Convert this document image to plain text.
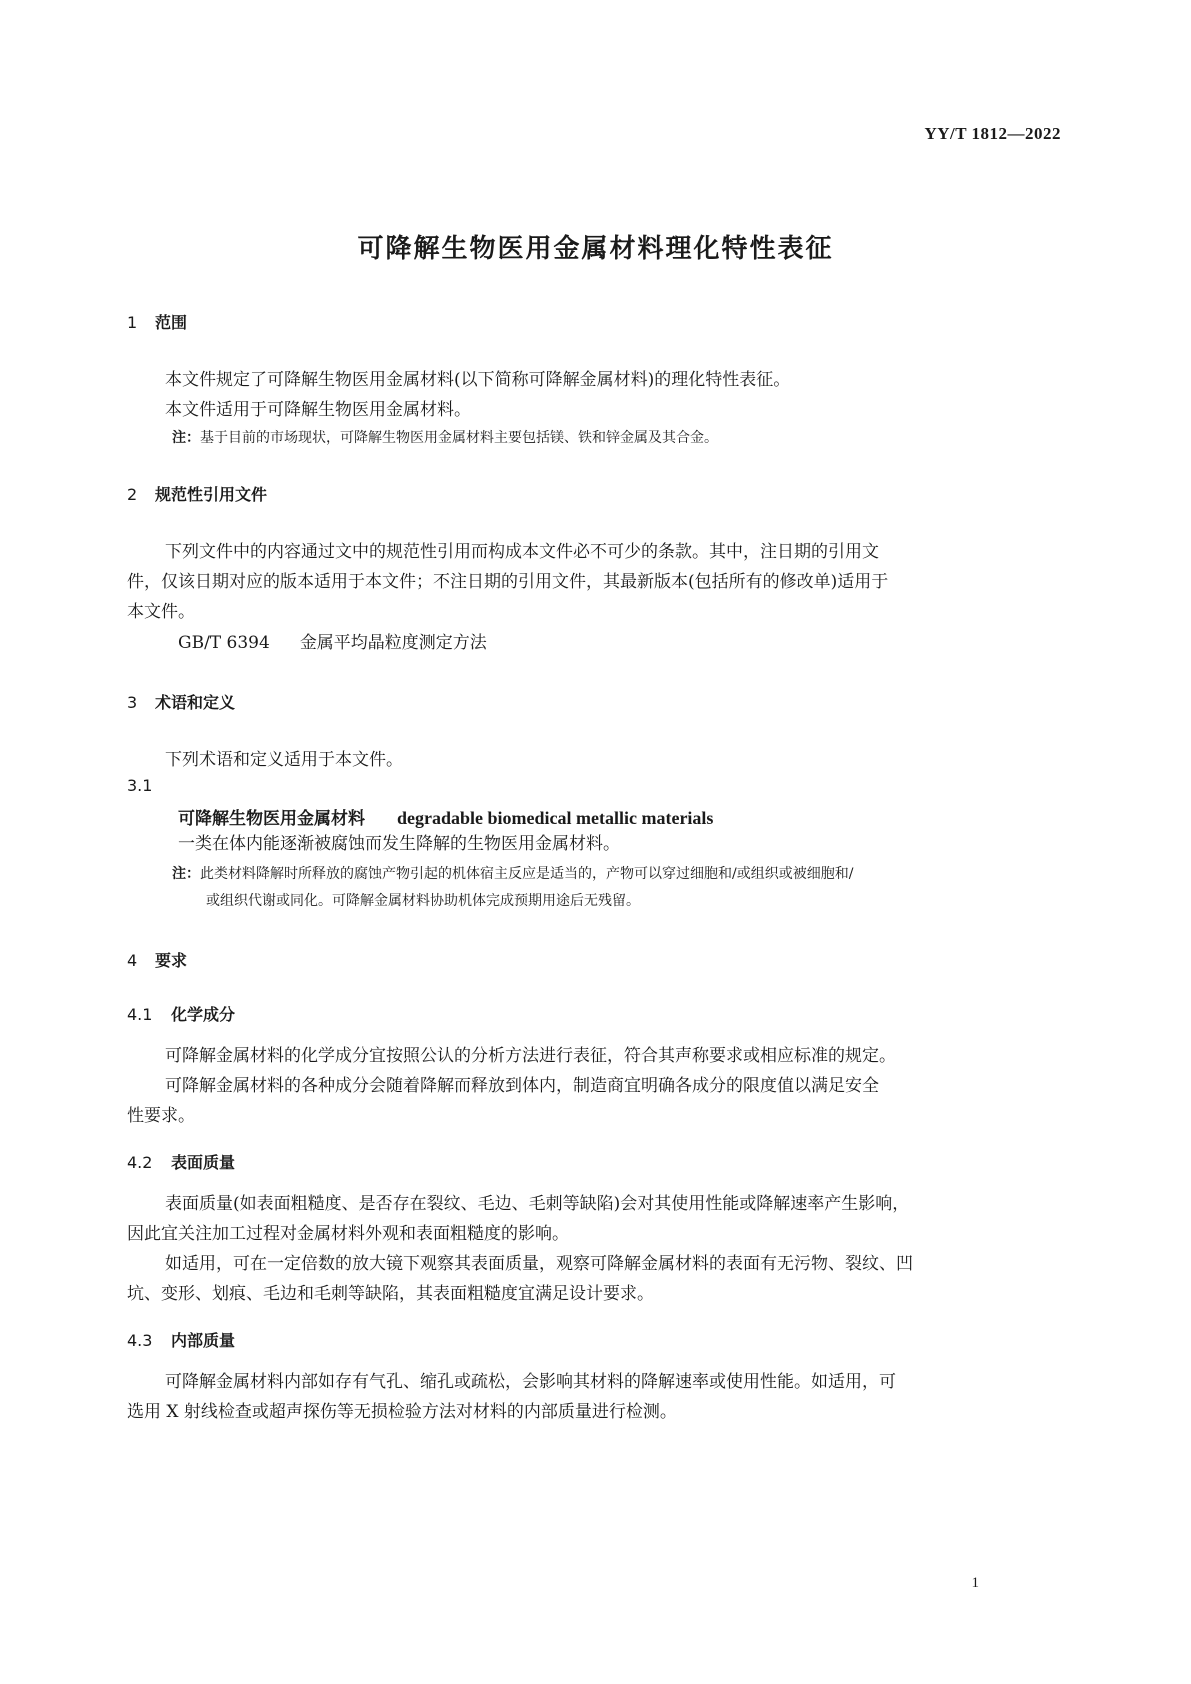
YY/T 1812—2022
可降解生物医用金属材料理化特性表征
1 范围
本文件规定了可降解生物医用金属材料(以下简称可降解金属材料)的理化特性表征。
本文件适用于可降解生物医用金属材料。
注：基于目前的市场现状，可降解生物医用金属材料主要包括镁、铁和锌金属及其合金。
2 规范性引用文件
下列文件中的内容通过文中的规范性引用而构成本文件必不可少的条款。其中，注日期的引用文
件，仅该日期对应的版本适用于本文件；不注日期的引用文件，其最新版本(包括所有的修改单)适用于
本文件。
GB/T 6394 金属平均晶粒度测定方法
3 术语和定义
下列术语和定义适用于本文件。
3.1
可降解生物医用金属材料 degradable biomedical metallic materials
一类在体内能逐渐被腐蚀而发生降解的生物医用金属材料。
注：此类材料降解时所释放的腐蚀产物引起的机体宿主反应是适当的，产物可以穿过细胞和/或组织或被细胞和/
或组织代谢或同化。可降解金属材料协助机体完成预期用途后无残留。
4 要求
4.1 化学成分
可降解金属材料的化学成分宜按照公认的分析方法进行表征，符合其声称要求或相应标准的规定。
可降解金属材料的各种成分会随着降解而释放到体内，制造商宜明确各成分的限度值以满足安全
性要求。
4.2 表面质量
表面质量(如表面粗糙度、是否存在裂纹、毛边、毛刺等缺陷)会对其使用性能或降解速率产生影响，
因此宜关注加工过程对金属材料外观和表面粗糙度的影响。
如适用，可在一定倍数的放大镜下观察其表面质量，观察可降解金属材料的表面有无污物、裂纹、凹
坑、变形、划痕、毛边和毛刺等缺陷，其表面粗糙度宜满足设计要求。
4.3 内部质量
可降解金属材料内部如存有气孔、缩孔或疏松，会影响其材料的降解速率或使用性能。如适用，可
选用 X 射线检查或超声探伤等无损检验方法对材料的内部质量进行检测。
1
